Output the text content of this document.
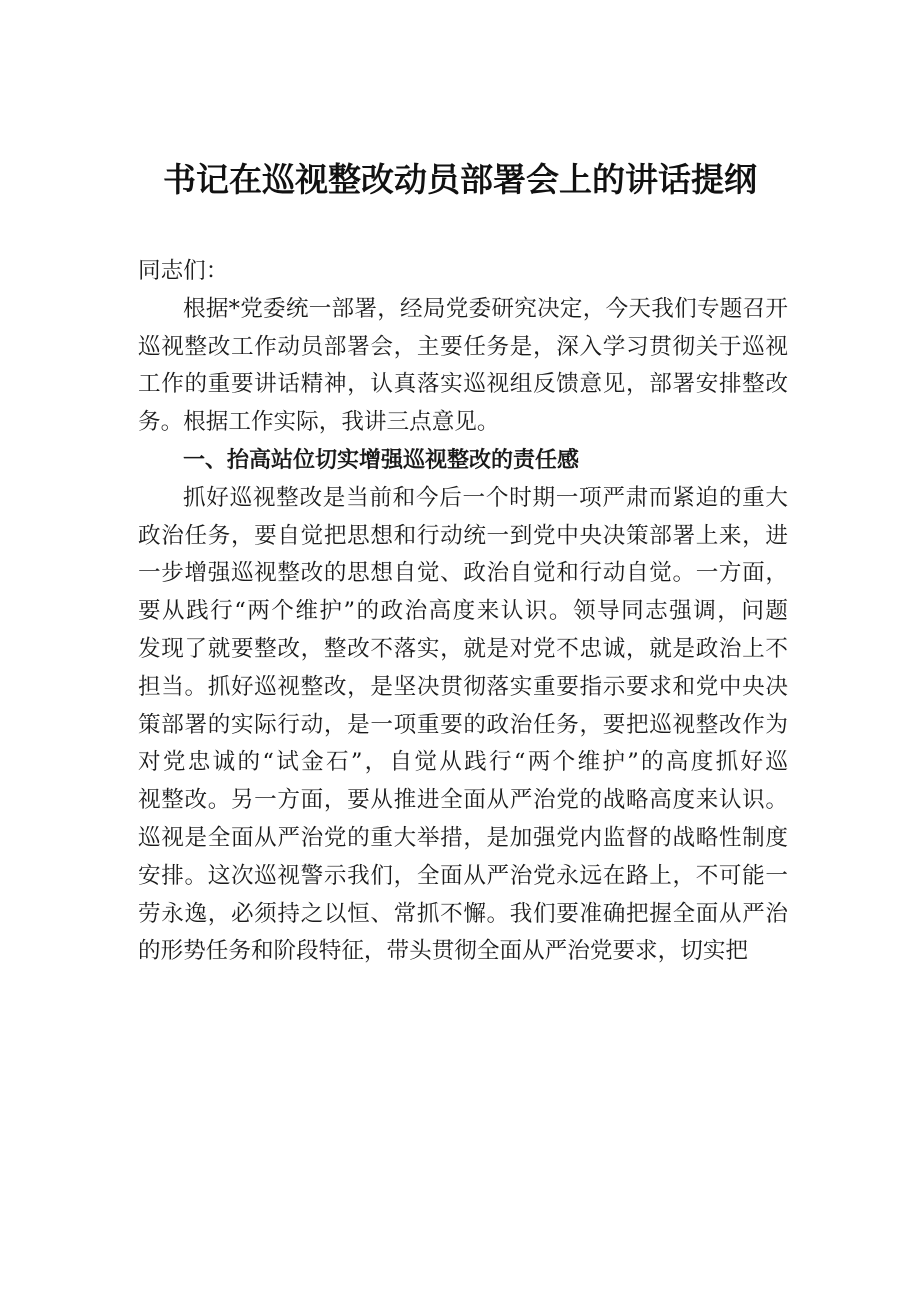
书记在巡视整改动员部署会上的讲话提纲
同志们：
根据*党委统一部署，经局党委研究决定，今天我们专题召开
巡视整改工作动员部署会，主要任务是，深入学习贯彻关于巡视
工作的重要讲话精神，认真落实巡视组反馈意见，部署安排整改
务。根据工作实际，我讲三点意见。
一、抬高站位切实增强巡视整改的责任感
抓好巡视整改是当前和今后一个时期一项严肃而紧迫的重大
政治任务，要自觉把思想和行动统一到党中央决策部署上来，进
一步增强巡视整改的思想自觉、政治自觉和行动自觉。一方面，
要从践行“两个维护”的政治高度来认识。领导同志强调，问题
发现了就要整改，整改不落实，就是对党不忠诚，就是政治上不
担当。抓好巡视整改，是坚决贯彻落实重要指示要求和党中央决
策部署的实际行动，是一项重要的政治任务，要把巡视整改作为
对党忠诚的“试金石”，自觉从践行“两个维护”的高度抓好巡
视整改。另一方面，要从推进全面从严治党的战略高度来认识。
巡视是全面从严治党的重大举措，是加强党内监督的战略性制度
安排。这次巡视警示我们，全面从严治党永远在路上，不可能一
劳永逸，必须持之以恒、常抓不懈。我们要准确把握全面从严治
的形势任务和阶段特征，带头贯彻全面从严治党要求，切实把
